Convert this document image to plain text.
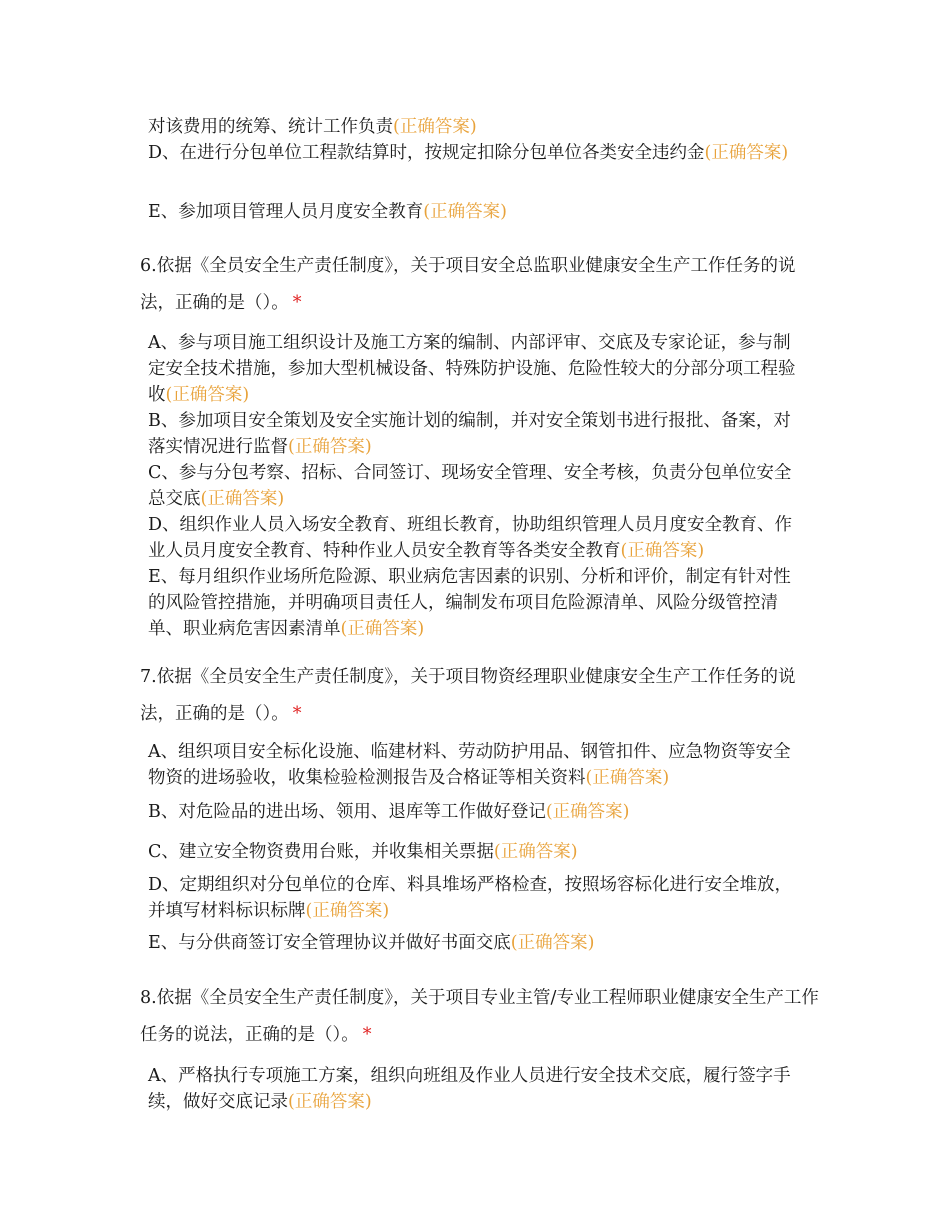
对该费用的统筹、统计工作负责(正确答案)
D、在进行分包单位工程款结算时，按规定扣除分包单位各类安全违约金(正确答案)
E、参加项目管理人员月度安全教育(正确答案)
6.依据《全员安全生产责任制度》，关于项目安全总监职业健康安全生产工作任务的说法，正确的是（）。 *
A、参与项目施工组织设计及施工方案的编制、内部评审、交底及专家论证，参与制定安全技术措施，参加大型机械设备、特殊防护设施、危险性较大的分部分项工程验收(正确答案)
B、参加项目安全策划及安全实施计划的编制，并对安全策划书进行报批、备案，对落实情况进行监督(正确答案)
C、参与分包考察、招标、合同签订、现场安全管理、安全考核，负责分包单位安全总交底(正确答案)
D、组织作业人员入场安全教育、班组长教育，协助组织管理人员月度安全教育、作业人员月度安全教育、特种作业人员安全教育等各类安全教育(正确答案)
E、每月组织作业场所危险源、职业病危害因素的识别、分析和评价，制定有针对性的风险管控措施，并明确项目责任人，编制发布项目危险源清单、风险分级管控清单、职业病危害因素清单(正确答案)
7.依据《全员安全生产责任制度》，关于项目物资经理职业健康安全生产工作任务的说法，正确的是（）。 *
A、组织项目安全标化设施、临建材料、劳动防护用品、钢管扣件、应急物资等安全物资的进场验收，收集检验检测报告及合格证等相关资料(正确答案)
B、对危险品的进出场、领用、退库等工作做好登记(正确答案)
C、建立安全物资费用台账，并收集相关票据(正确答案)
D、定期组织对分包单位的仓库、料具堆场严格检查，按照场容标化进行安全堆放，并填写材料标识标牌(正确答案)
E、与分供商签订安全管理协议并做好书面交底(正确答案)
8.依据《全员安全生产责任制度》，关于项目专业主管/专业工程师职业健康安全生产工作任务的说法，正确的是（）。 *
A、严格执行专项施工方案，组织向班组及作业人员进行安全技术交底，履行签字手续，做好交底记录(正确答案)
